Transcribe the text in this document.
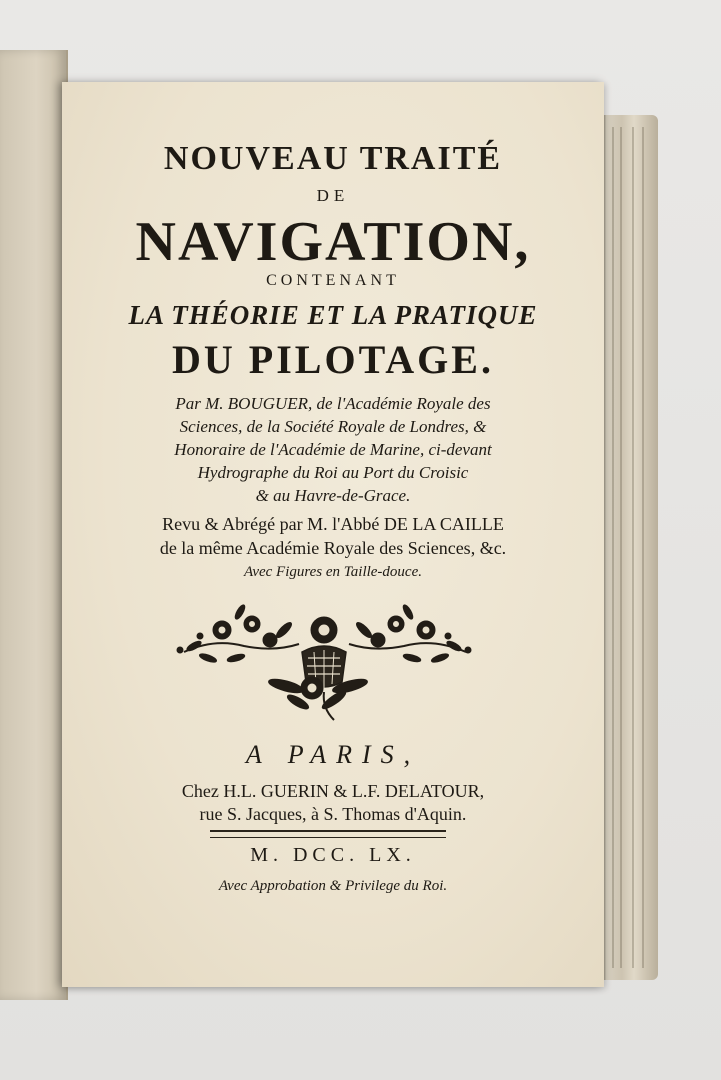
NOUVEAU TRAITÉ
DE
NAVIGATION,
CONTENANT
LA THÉORIE ET LA PRATIQUE
DU PILOTAGE.
Par M. BOUGUER, de l'Académie Royale des
Sciences, de la Société Royale de Londres, &
Honoraire de l'Académie de Marine, ci-devant
Hydrographe du Roi au Port du Croisic
& au Havre-de-Grace.
Revu & Abrégé par M. l'Abbé DE LA CAILLE
de la même Académie Royale des Sciences, &c.
Avec Figures en Taille-douce.
A PARIS,
Chez H.L. GUERIN & L.F. DELATOUR,
rue S. Jacques, à S. Thomas d'Aquin.
M. DCC. LX.
Avec Approbation & Privilege du Roi.
